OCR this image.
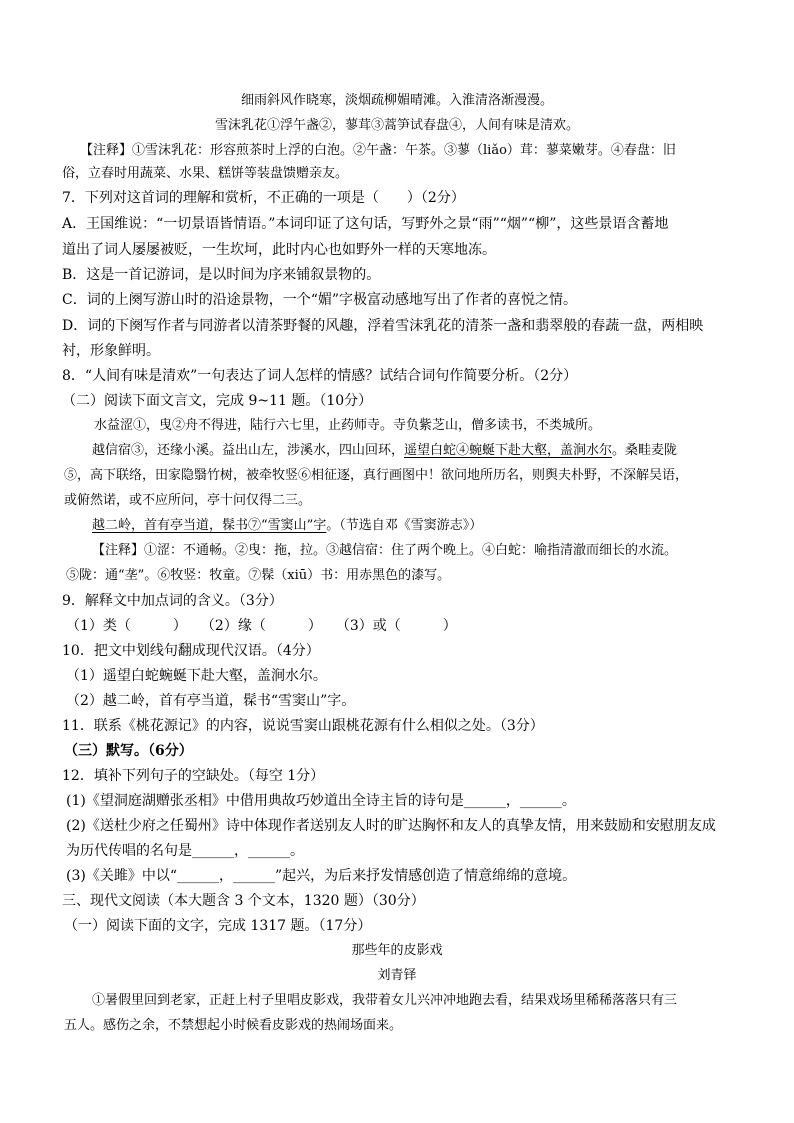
细雨斜风作晓寒，淡烟疏柳媚晴滩。入淮清洛渐漫漫。
雪沫乳花①浮午盏②，蓼茸③蒿笋试春盘④，人间有味是清欢。
【注释】①雪沫乳花：形容煎茶时上浮的白泡。②午盏：午茶。③蓼（liǎo）茸：蓼菜嫩芽。④春盘：旧
俗，立春时用蔬菜、水果、糕饼等装盘馈赠亲友。
7．下列对这首词的理解和赏析，不正确的一项是（　　）（2分）
A．王国维说：“一切景语皆情语。”本词印证了这句话，写野外之景“雨”“烟”“柳”，这些景语含蓄地
道出了词人屡屡被贬，一生坎坷，此时内心也如野外一样的天寒地冻。
B．这是一首记游词，是以时间为序来铺叙景物的。
C．词的上阕写游山时的沿途景物，一个“媚”字极富动感地写出了作者的喜悦之情。
D．词的下阕写作者与同游者以清茶野餐的风趣，浮着雪沫乳花的清茶一盏和翡翠般的春蔬一盘，两相映
衬，形象鲜明。
8．“人间有味是清欢”一句表达了词人怎样的情感？试结合词句作简要分析。（2分）
（二）阅读下面文言文，完成 9~11 题。（10分）
水益涩①，曳②舟不得进，陆行六七里，止药师寺。寺负紫芝山，僧多读书，不类城所。
越信宿③，还缘小溪。益出山左，涉溪水，四山回环，遥望白蛇④蜿蜒下赴大壑，盖涧水尔。桑畦麦陇
⑤，高下联络，田家隐翳竹树，被牵牧竖⑥相征逐，真行画图中！欲问地所历名，则舆夫朴野，不深解吴语，
或俯然诺，或不应所问，亭十问仅得二三。
越二岭，首有亭当道，髹书⑦“雪窦山”字。（节选自邓《雪窦游志》）
【注释】①涩：不通畅。②曳：拖，拉。③越信宿：住了两个晚上。④白蛇：喻指清澈而细长的水流。
⑤陇：通“垄”。⑥牧竖：牧童。⑦髹（xiū）书：用赤黑色的漆写。
9．解释文中加点词的含义。（3分）
（1）类（　　　）　　（2）缘（　　　）　　（3）或（　　　）
10．把文中划线句翻成现代汉语。（4分）
（1）遥望白蛇蜿蜒下赴大壑，盖涧水尔。
（2）越二岭，首有亭当道，髹书“雪窦山”字。
11．联系《桃花源记》的内容，说说雪窦山跟桃花源有什么相似之处。（3分）
（三）默写。（6分）
12．填补下列句子的空缺处。（每空 1分）
(1)《望洞庭湖赠张丞相》中借用典故巧妙道出全诗主旨的诗句是______，______。
(2)《送杜少府之任蜀州》诗中体现作者送别友人时的旷达胸怀和友人的真挚友情，用来鼓励和安慰朋友成
为历代传唱的名句是______，______。
(3)《关雎》中以“______，______”起兴，为后来抒发情感创造了情意绵绵的意境。
三、现代文阅读（本大题含 3 个文本，1320 题）（30分）
（一）阅读下面的文字，完成 1317 题。（17分）
那些年的皮影戏
刘青铎
①暑假里回到老家，正赶上村子里唱皮影戏，我带着女儿兴冲冲地跑去看，结果戏场里稀稀落落只有三
五人。感伤之余，不禁想起小时候看皮影戏的热闹场面来。
